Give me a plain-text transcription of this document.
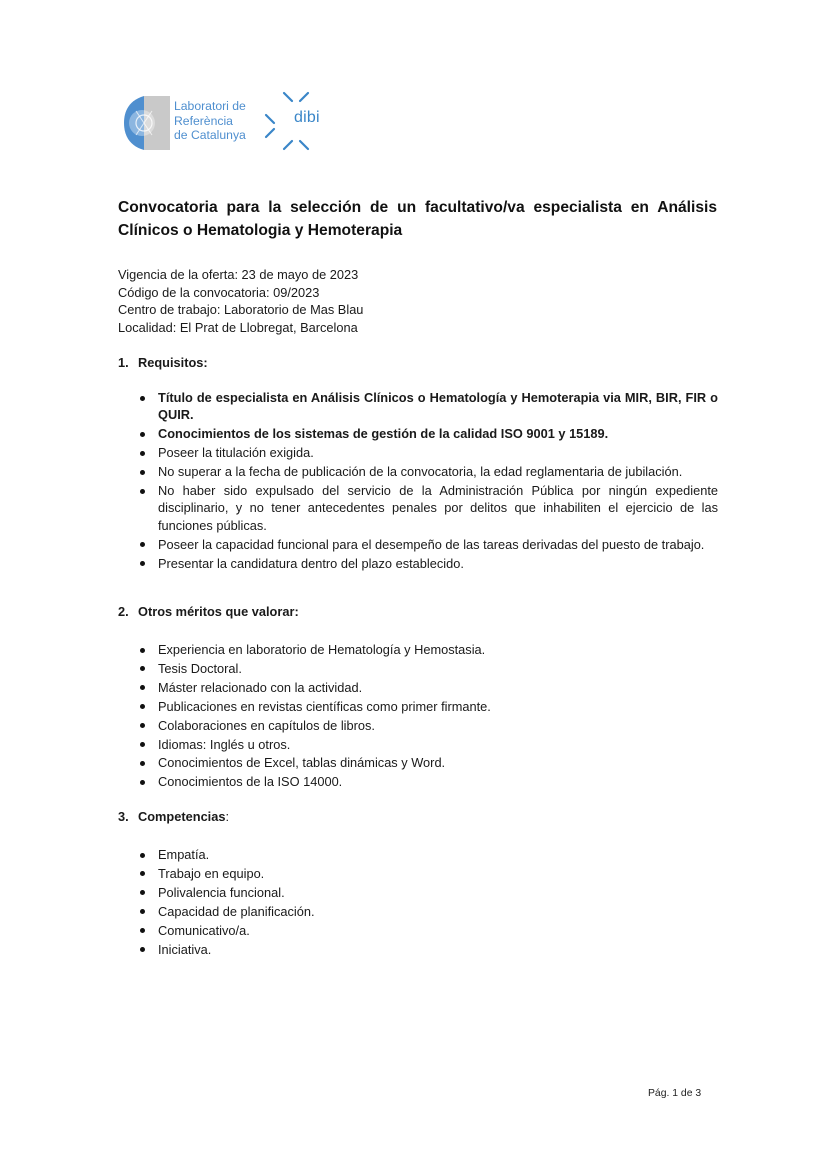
Laboratori de
Referència
de Catalunya
dibi
Convocatoria para la selección de un facultativo/va especialista en Análisis Clínicos o Hematologia y Hemoterapia
Vigencia de la oferta: 23 de mayo de 2023
Código de la convocatoria: 09/2023
Centro de trabajo: Laboratorio de Mas Blau
Localidad: El Prat de Llobregat, Barcelona
1. Requisitos:
Título de especialista en Análisis Clínicos o Hematología y Hemoterapia via MIR, BIR, FIR o QUIR.
Conocimientos de los sistemas de gestión de la calidad ISO 9001 y 15189.
Poseer la titulación exigida.
No superar a la fecha de publicación de la convocatoria, la edad reglamentaria de jubilación.
No haber sido expulsado del servicio de la Administración Pública por ningún expediente disciplinario, y no tener antecedentes penales por delitos que inhabiliten el ejercicio de las funciones públicas.
Poseer la capacidad funcional para el desempeño de las tareas derivadas del puesto de trabajo.
Presentar la candidatura dentro del plazo establecido.
2. Otros méritos que valorar:
Experiencia en laboratorio de Hematología y Hemostasia.
Tesis Doctoral.
Máster relacionado con la actividad.
Publicaciones en revistas científicas como primer firmante.
Colaboraciones en capítulos de libros.
Idiomas: Inglés u otros.
Conocimientos de Excel, tablas dinámicas y Word.
Conocimientos de la ISO 14000.
3. Competencias:
Empatía.
Trabajo en equipo.
Polivalencia funcional.
Capacidad de planificación.
Comunicativo/a.
Iniciativa.
Pág. 1 de 3
